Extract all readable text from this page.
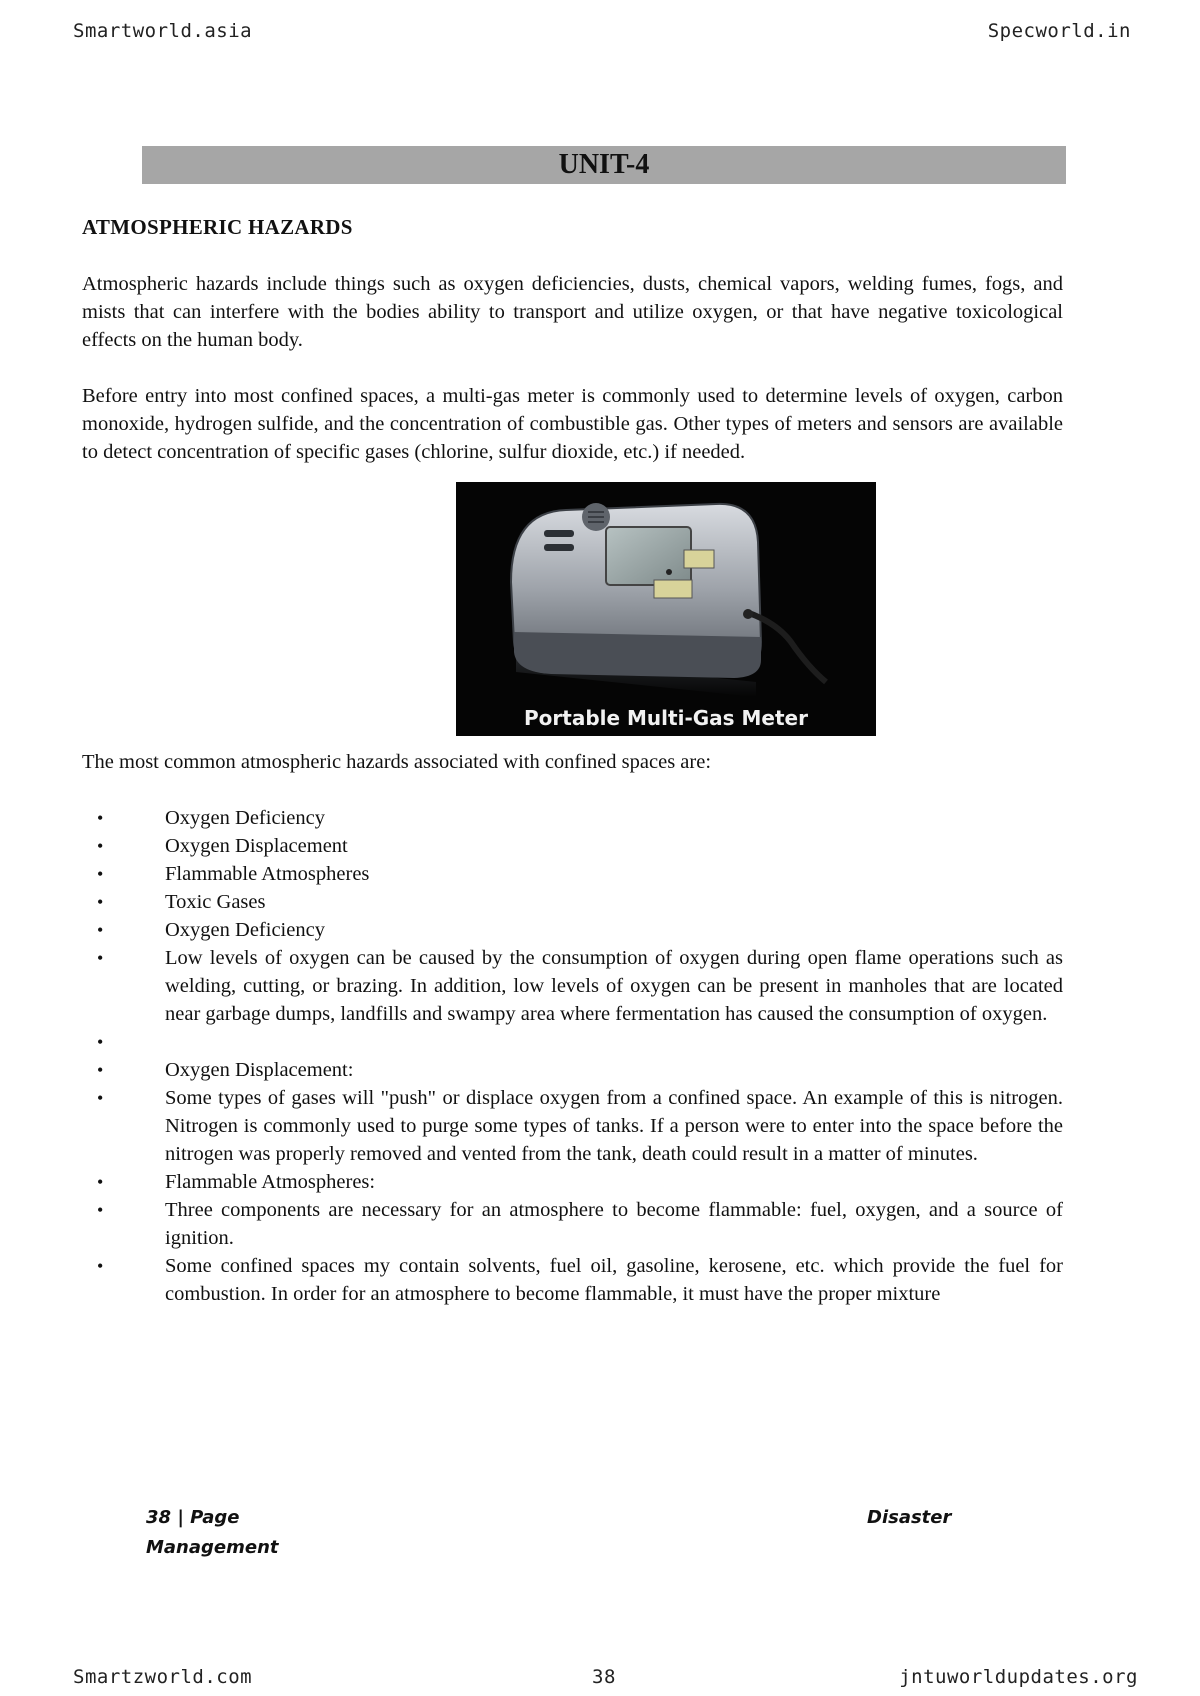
Smartworld.asia	Specworld.in
UNIT-4
ATMOSPHERIC HAZARDS

Atmospheric hazards include things such as oxygen deficiencies, dusts, chemical vapors, welding fumes, fogs, and mists that can interfere with the bodies ability to transport and utilize oxygen, or that have negative toxicological effects on the human body.

Before entry into most confined spaces, a multi-gas meter is commonly used to determine levels of oxygen, carbon monoxide, hydrogen sulfide, and the concentration of combustible gas. Other types of meters and sensors are available to detect concentration of specific gases (chlorine, sulfur dioxide, etc.) if needed.

Portable Multi-Gas Meter

The most common atmospheric hazards associated with confined spaces are:

•	Oxygen Deficiency
•	Oxygen Displacement
•	Flammable Atmospheres
•	Toxic Gases
•	Oxygen Deficiency
•	Low levels of oxygen can be caused by the consumption of oxygen during open flame operations such as welding, cutting, or brazing. In addition, low levels of oxygen can be present in manholes that are located near garbage dumps, landfills and swampy area where fermentation has caused the consumption of oxygen.
•
•	Oxygen Displacement:
•	Some types of gases will "push" or displace oxygen from a confined space. An example of this is nitrogen. Nitrogen is commonly used to purge some types of tanks. If a person were to enter into the space before the nitrogen was properly removed and vented from the tank, death could result in a matter of minutes.
•	Flammable Atmospheres:
•	Three components are necessary for an atmosphere to become flammable: fuel, oxygen, and a source of ignition.
•	Some confined spaces my contain solvents, fuel oil, gasoline, kerosene, etc. which provide the fuel for combustion. In order for an atmosphere to become flammable, it must have the proper mixture
38 | Page	Disaster
Management
Smartzworld.com	38	jntuworldupdates.org
